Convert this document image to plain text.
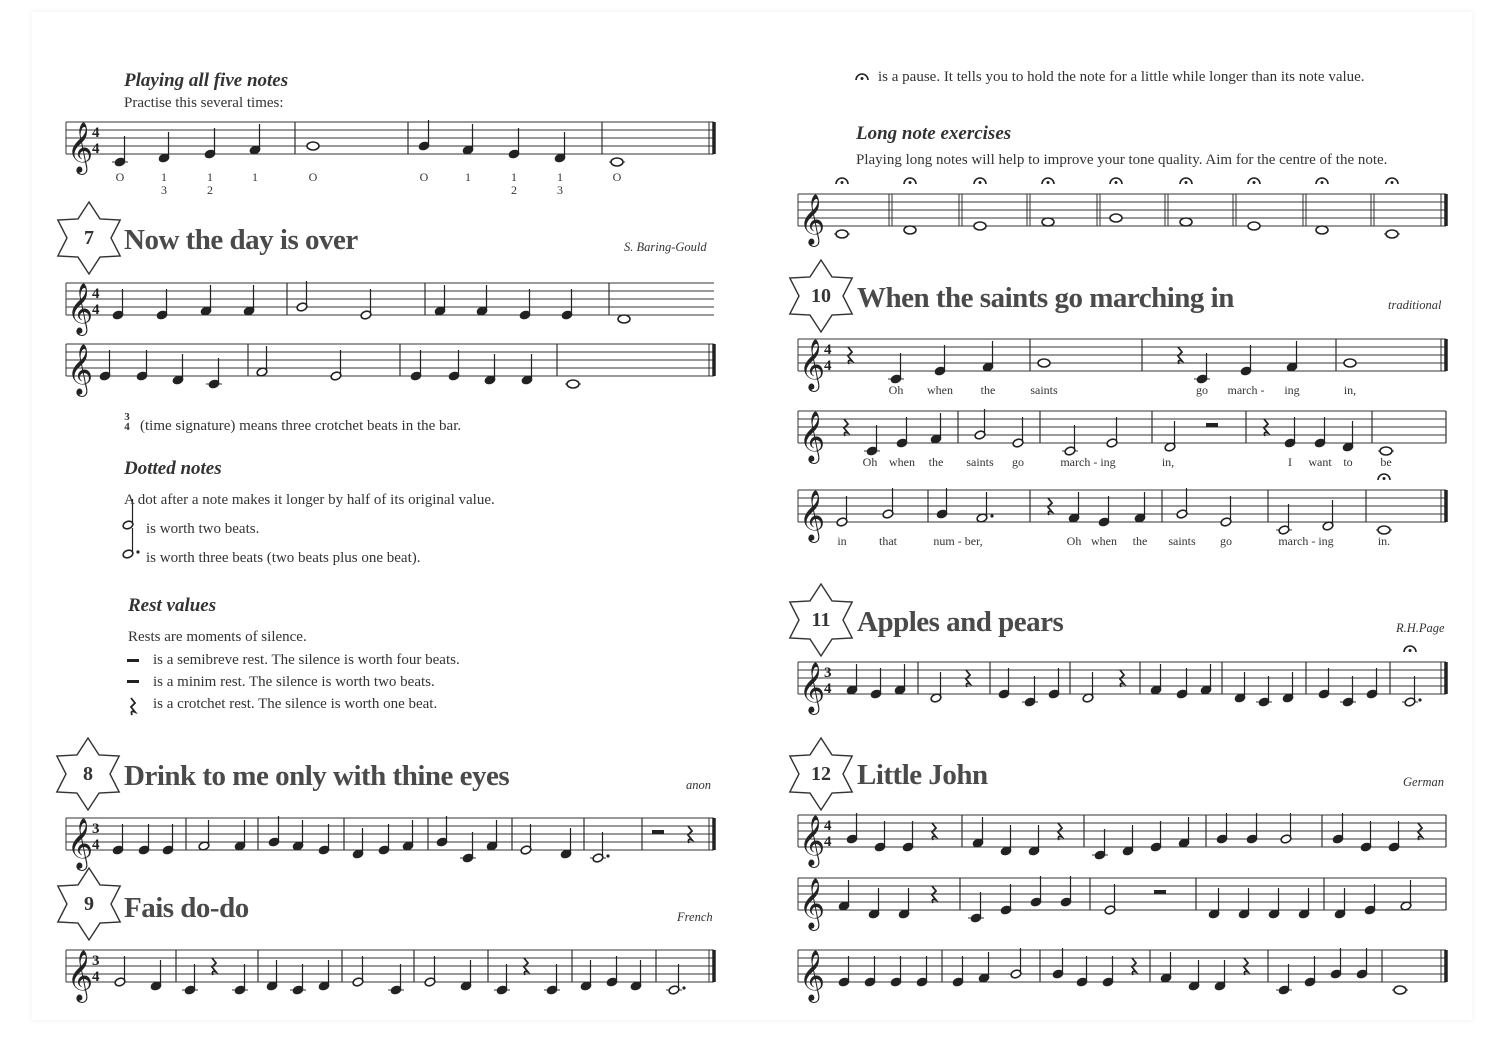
𝄞
4
4
𝄞
4
4
𝄞
𝄞
3
4
𝄞
3
4
𝄞
𝄞
4
4
𝄞
𝄞
𝄞
3
4
𝄞
4
4
𝄞
𝄞
Playing all five notes
Practise this several times:
O	1
3
1
2
1	O	O	1	1
2
1
3
O
7	Now the day is over	S. Baring-Gould
3
4 (time signature) means three crotchet beats in the bar.
Dotted notes
A dot after a note makes it longer by half of its original value.
is worth two beats.
is worth three beats (two beats plus one beat).
Rest values
Rests are moments of silence.
is a semibreve rest. The silence is worth four beats.
is a minim rest. The silence is worth two beats.
is a crotchet rest. The silence is worth one beat.
8	Drink to me only with thine eyes	anon
9	Fais do-do	French
is a pause. It tells you to hold the note for a little while longer than its note value.
Long note exercises
Playing long notes will help to improve your tone quality. Aim for the centre of the note.
10 When the saints go marching in	traditional
Oh when the	saints	go march - ing	in,
Oh when the saints go	march - ing	in,	I want to be
in	that	num - ber,	Oh when the saints go	march - ing	in.
11 Apples and pears	R.H.Page
12 Little John	German
